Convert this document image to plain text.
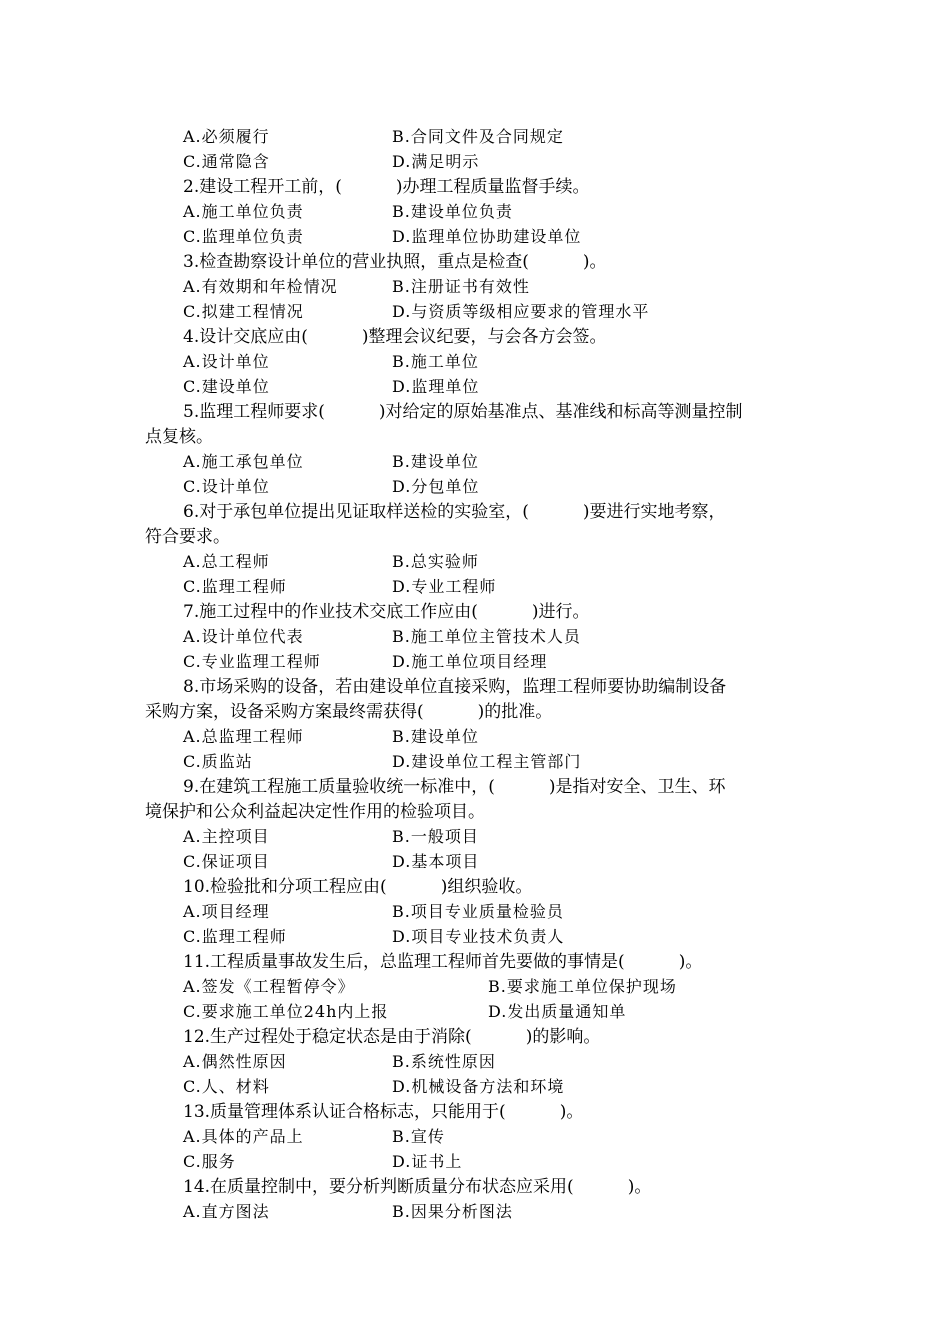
A.必须履行	B.合同文件及合同规定
C.通常隐含	D.满足明示
2.建设工程开工前，(          )办理工程质量监督手续。
A.施工单位负责	B.建设单位负责
C.监理单位负责	D.监理单位协助建设单位
3.检查勘察设计单位的营业执照，重点是检查(          )。
A.有效期和年检情况	B.注册证书有效性
C.拟建工程情况	D.与资质等级相应要求的管理水平
4.设计交底应由(          )整理会议纪要，与会各方会签。
A.设计单位	B.施工单位
C.建设单位	D.监理单位
5.监理工程师要求(          )对给定的原始基准点、基准线和标高等测量控制
点复核。
A.施工承包单位	B.建设单位
C.设计单位	D.分包单位
6.对于承包单位提出见证取样送检的实验室，(          )要进行实地考察，
符合要求。
A.总工程师	B.总实验师
C.监理工程师	D.专业工程师
7.施工过程中的作业技术交底工作应由(          )进行。
A.设计单位代表	B.施工单位主管技术人员
C.专业监理工程师	D.施工单位项目经理
8.市场采购的设备，若由建设单位直接采购，监理工程师要协助编制设备
采购方案，设备采购方案最终需获得(          )的批准。
A.总监理工程师	B.建设单位
C.质监站	D.建设单位工程主管部门
9.在建筑工程施工质量验收统一标准中，(          )是指对安全、卫生、环
境保护和公众利益起决定性作用的检验项目。
A.主控项目	B.一般项目
C.保证项目	D.基本项目
10.检验批和分项工程应由(          )组织验收。
A.项目经理	B.项目专业质量检验员
C.监理工程师	D.项目专业技术负责人
11.工程质量事故发生后，总监理工程师首先要做的事情是(          )。
A.签发《工程暂停令》	B.要求施工单位保护现场
C.要求施工单位24h内上报	D.发出质量通知单
12.生产过程处于稳定状态是由于消除(          )的影响。
A.偶然性原因	B.系统性原因
C.人、材料	D.机械设备方法和环境
13.质量管理体系认证合格标志，只能用于(          )。
A.具体的产品上	B.宣传
C.服务	D.证书上
14.在质量控制中，要分析判断质量分布状态应采用(          )。
A.直方图法	B.因果分析图法
